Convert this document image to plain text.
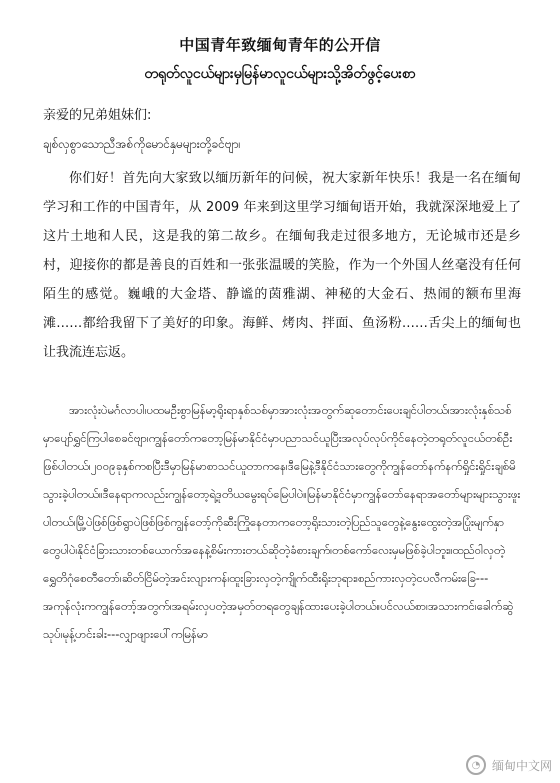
中国青年致缅甸青年的公开信
တရုတ်လူငယ်များမှမြန်မာလူငယ်များသို့အိတ်ဖွင့်ပေးစာ
亲爱的兄弟姐妹们:
ချစ်လှစွာသောညီအစ်ကိုမောင်နှမများတို့ခင်ဗျာ၊
你们好！首先向大家致以缅历新年的问候，祝大家新年快乐！我是一名在缅甸学习和工作的中国青年，从 2009 年来到这里学习缅甸语开始，我就深深地爱上了这片土地和人民，这是我的第二故乡。在缅甸我走过很多地方，无论城市还是乡村，迎接你的都是善良的百姓和一张张温暖的笑脸，作为一个外国人丝毫没有任何陌生的感觉。巍峨的大金塔、静谧的茵雅湖、神秘的大金石、热闹的额布里海滩……都给我留下了美好的印象。海鲜、烤肉、拌面、鱼汤粉……舌尖上的缅甸也让我流连忘返。
အားလုံးပဲမင်္ဂလာပါ၊ပထမဦးစွာမြန်မာ့ရိုးရာနှစ်သစ်မှာအားလုံးအတွက်ဆုတောင်းပေးချင်ပါတယ်၊အားလုံးနှစ်သစ်မှာပျော်ရွှင်ကြပါစေခင်ဗျာ၊ကျွန်တော်ကတော့မြန်မာနိုင်ငံမှာပညာသင်ယူပြီးအလုပ်လုပ်ကိုင်နေတဲ့တရုတ်လူငယ်တစ်ဦးဖြစ်ပါတယ်၊၂၀၀၉ခုနှစ်ကစပြီးဒီမှာမြန်မာစာသင်ယူတာကနေ၊ဒီမြေနဲ့ဒီနိုင်ငံသားတွေကိုကျွန်တော်နက်နက်ရှိုင်းရှိုင်းချစ်မိသွားခဲ့ပါတယ်။ဒီနေရာကလည်းကျွန်တော့ရဲ့ဒုတိယမွေးရပ်မြေပါပဲ။မြန်မာနိုင်ငံမှာကျွန်တော်နေရာအတော်များများသွားဖူးပါတယ်၊မြို့ပဲဖြစ်ဖြစ်ရွာပဲဖြစ်ဖြစ်ကျွန်တော့်ကိုဆီးကြိုနေတာကတော့ရိုးသားတဲ့ပြည်သူတွေနဲ့နွေးထွေးတဲ့အပြုံးမျက်နှာတွေပါပဲ၊နိုင်ငံခြားသားတစ်ယောက်အနေနဲ့စိမ်းကားတယ်ဆိုတဲ့ခံစားချက်၊တစ်ကော်လေးမှမဖြစ်ခဲ့ပါဘူး။ထည်ဝါလှတဲ့ရွှေတိဂုံစေတီတော်၊ဆိတ်ငြိမ်တဲ့အင်းလျားကန်၊ထူးခြားလှတဲ့ကျိုက်ထီးရိုးဘုရား၊စည်ကားလှတဲ့ငပလီကမ်းခြေ---အကုန်လုံးကကျွန်တော့်အတွက်၊အရမ်းလှပတဲ့အမှတ်တရတွေချန်ထားပေးခဲ့ပါတယ်။ပင်လယ်စာ၊အသားကင်၊ခေါက်ဆွဲသုပ်၊မုန့်ဟင်းခါး---လျှာဖျားပေါ်ကမြန်မာ
◔ 缅甸中文网
